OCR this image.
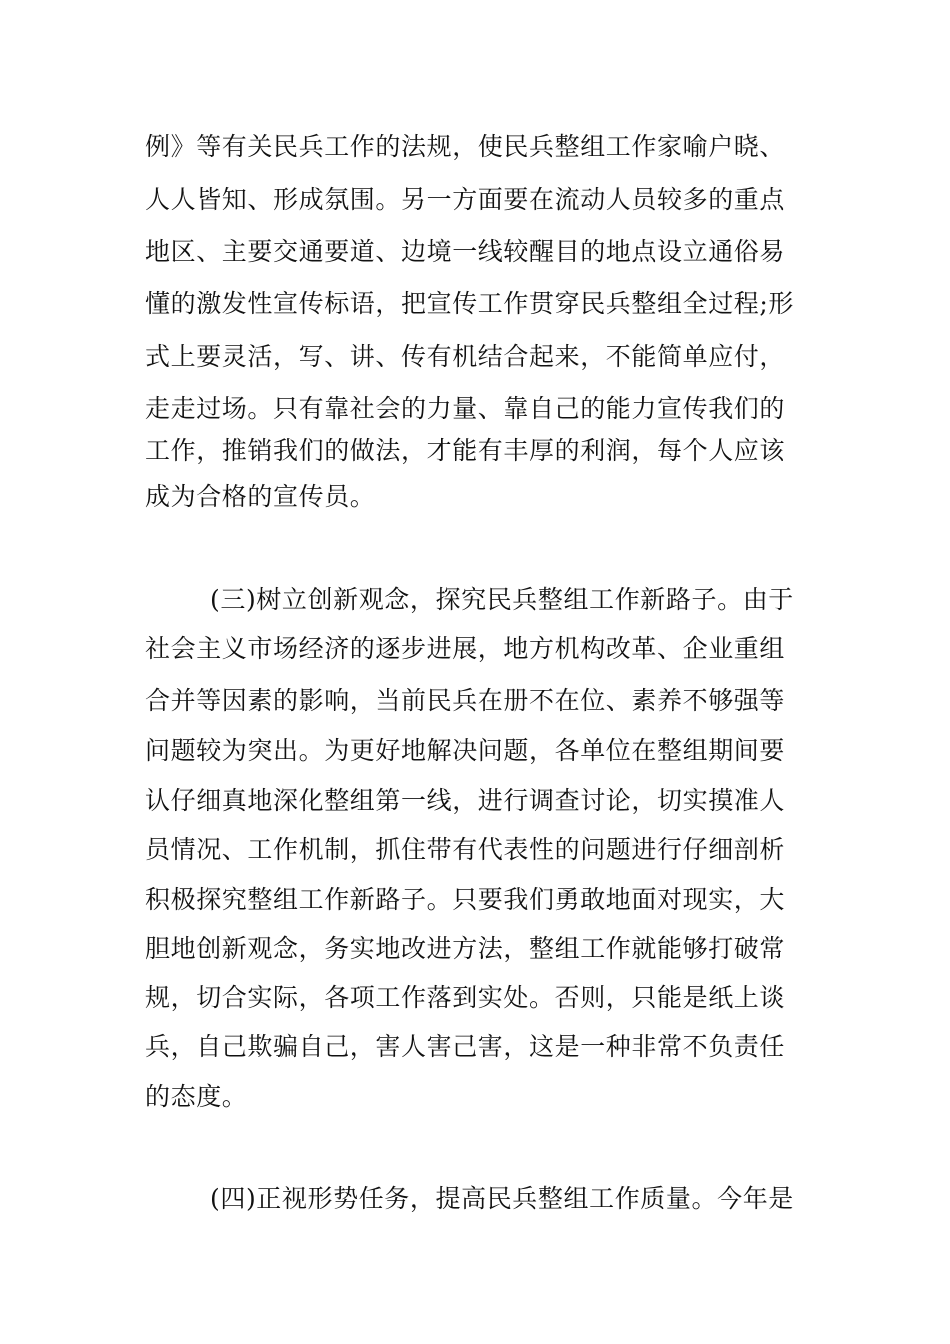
例》等有关民兵工作的法规，使民兵整组工作家喻户晓、
人人皆知、形成氛围。另一方面要在流动人员较多的重点
地区、主要交通要道、边境一线较醒目的地点设立通俗易
懂的激发性宣传标语，把宣传工作贯穿民兵整组全过程;形
式上要灵活，写、讲、传有机结合起来，不能简单应付，
走走过场。只有靠社会的力量、靠自己的能力宣传我们的
工作，推销我们的做法，才能有丰厚的利润，每个人应该
成为合格的宣传员。
(三)树立创新观念，探究民兵整组工作新路子。由于
社会主义市场经济的逐步进展，地方机构改革、企业重组
合并等因素的影响，当前民兵在册不在位、素养不够强等
问题较为突出。为更好地解决问题，各单位在整组期间要
认仔细真地深化整组第一线，进行调查讨论，切实摸准人
员情况、工作机制，抓住带有代表性的问题进行仔细剖析
积极探究整组工作新路子。只要我们勇敢地面对现实，大
胆地创新观念，务实地改进方法，整组工作就能够打破常
规，切合实际，各项工作落到实处。否则，只能是纸上谈
兵，自己欺骗自己，害人害己害，这是一种非常不负责任
的态度。
(四)正视形势任务，提高民兵整组工作质量。今年是
